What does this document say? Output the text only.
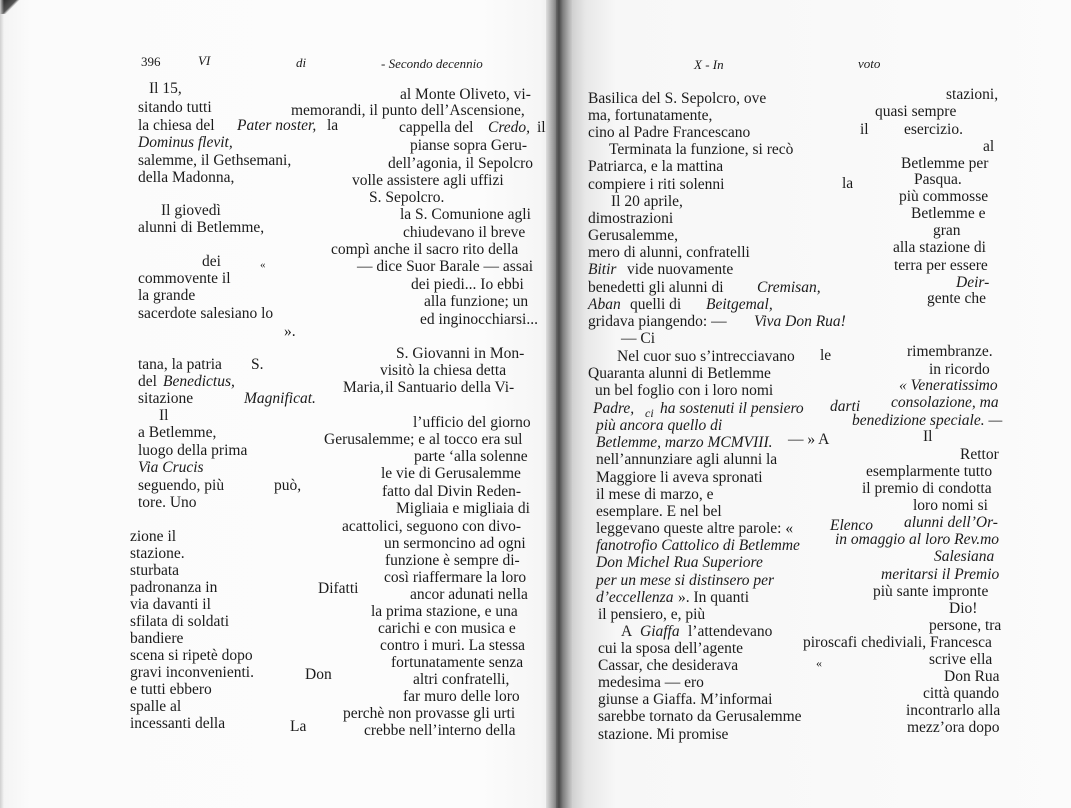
396	VI	di	- Secondo decennio
Il 15,	al Monte Oliveto, vi-
sitando tutti	memorandi, il punto dell’Ascensione,
la chiesa del Pater noster, la	cappella del Credo, il
Dominus flevit,	pianse sopra Geru-
salemme, il Gethsemani,	dell’agonia, il Sepolcro
della Madonna,	volle assistere agli uffizi
S. Sepolcro.
Il giovedì	la S. Comunione agli
alunni di Betlemme,	chiudevano il breve
compì anche il sacro rito della
dei	«	— dice Suor Barale — assai
commovente il	dei piedi... Io ebbi
la grande	alla funzione; un
sacerdote salesiano lo	ed inginocchiarsi...
».
S. Giovanni in Mon-
tana, la patria S.	visitò la chiesa detta
del Benedictus,	Maria, il Santuario della Vi-
sitazione	Magnificat.
Il	l’ufficio del giorno
a Betlemme,	Gerusalemme; e al tocco era sul
luogo della prima	parte ‘alla solenne
Via Crucis	le vie di Gerusalemme
seguendo, più	può,	fatto dal Divin Reden-
tore. Uno	Migliaia e migliaia di
acattolici, seguono con divo-
zione il	un sermoncino ad ogni
stazione.	funzione è sempre di-
sturbata	così riaffermare la loro
padronanza in	Difatti	ancor adunati nella
via davanti il	la prima stazione, e una
sfilata di soldati	carichi e con musica e
bandiere	contro i muri. La stessa
scena si ripetè dopo	fortunatamente senza
gravi inconvenienti.	Don	altri confratelli,
e tutti ebbero	far muro delle loro
spalle al	perchè non provasse gli urti
incessanti della	La	crebbe nell’interno della
X - In	voto
Basilica del S. Sepolcro, ove	stazioni,
ma, fortunatamente,	quasi sempre
cino al Padre Francescano	il esercizio.
Terminata la funzione, si recò	al
Patriarca, e la mattina	Betlemme per
compiere i riti solenni	la	Pasqua.
Il 20 aprile,	più commosse
dimostrazioni	Betlemme e
Gerusalemme,	gran
mero di alunni, confratelli	alla stazione di
Bitir vide nuovamente	terra per essere
benedetti gli alunni di Cremisan,	Deir-
Aban quelli di Beitgemal,	gente che
gridava piangendo: — Viva Don Rua!
— Ci
Nel cuor suo s’intrecciavano le	rimembranze.
Quaranta alunni di Betlemme	in ricordo
un bel foglio con i loro nomi	« Veneratissimo
Padre, ci ha sostenuti il pensiero darti consolazione, ma
più ancora quello di	benedizione speciale. —
Betlemme, marzo MCMVIII. — » A	Il
nell’annunziare agli alunni la	Rettor
Maggiore li aveva spronati	esemplarmente tutto
il mese di marzo, e	il premio di condotta
esemplare. E nel bel	loro nomi si
leggevano queste altre parole: « Elenco alunni dell’Or-
fanotrofio Cattolico di Betlemme in omaggio al loro Rev.mo
Don Michel Rua Superiore	Salesiana
per un mese si distinsero per	meritarsi il Premio
d’eccellenza ». In quanti	più sante impronte
il pensiero, e, più	Dio!
A Giaffa l’attendevano	persone, tra
cui la sposa dell’agente	piroscafi chediviali, Francesca
Cassar, che desiderava	«	scrive ella
medesima — ero	Don Rua
giunse a Giaffa. M’informai	città quando
sarebbe tornato da Gerusalemme	incontrarlo alla
stazione. Mi promise	mezz’ora dopo
